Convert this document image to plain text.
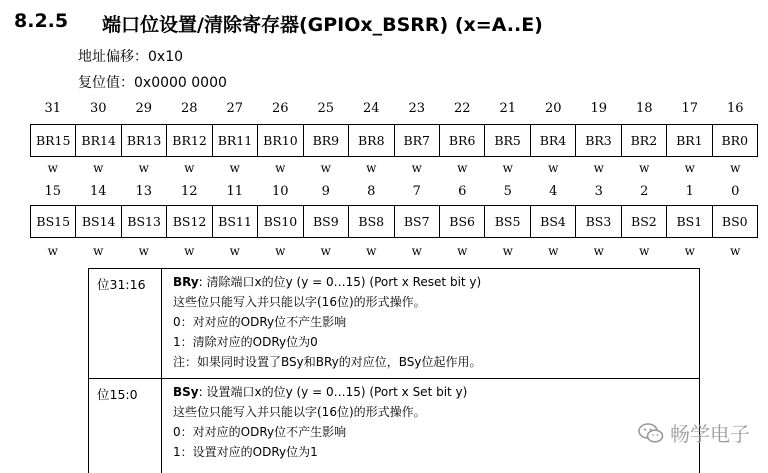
8.2.5 端口位设置/清除寄存器(GPIOx_BSRR) (x=A..E)
地址偏移：0x10
复位值：0x0000 0000
31	30	29	28	27	26	25	24	23	22	21	20	19	18	17	16
BR15 BR14 BR13 BR12 BR11 BR10	BR9	BR8	BR7	BR6	BR5	BR4	BR3	BR2	BR1	BR0
w	w	w	w	w	w	w	w	w	w	w	w	w	w	w	w
15	14	13	12	11	10	9	8	7	6	5	4	3	2	1	0
BS15 BS14 BS13 BS12 BS11 BS10	BS9	BS8	BS7	BS6	BS5	BS4	BS3	BS2	BS1	BS0
w	w	w	w	w	w	w	w	w	w	w	w	w	w	w	w
位31:16 BRy: 清除端口x的位y (y = 0…15) (Port x Reset bit y)
这些位只能写入并只能以字(16位)的形式操作。
0：对对应的ODRy位不产生影响
1：清除对应的ODRy位为0
注：如果同时设置了BSy和BRy的对应位，BSy位起作用。
位15:0	BSy: 设置端口x的位y (y = 0…15) (Port x Set bit y)
这些位只能写入并只能以字(16位)的形式操作。
0：对对应的ODRy位不产生影响
1：设置对应的ODRy位为1
畅学电子
